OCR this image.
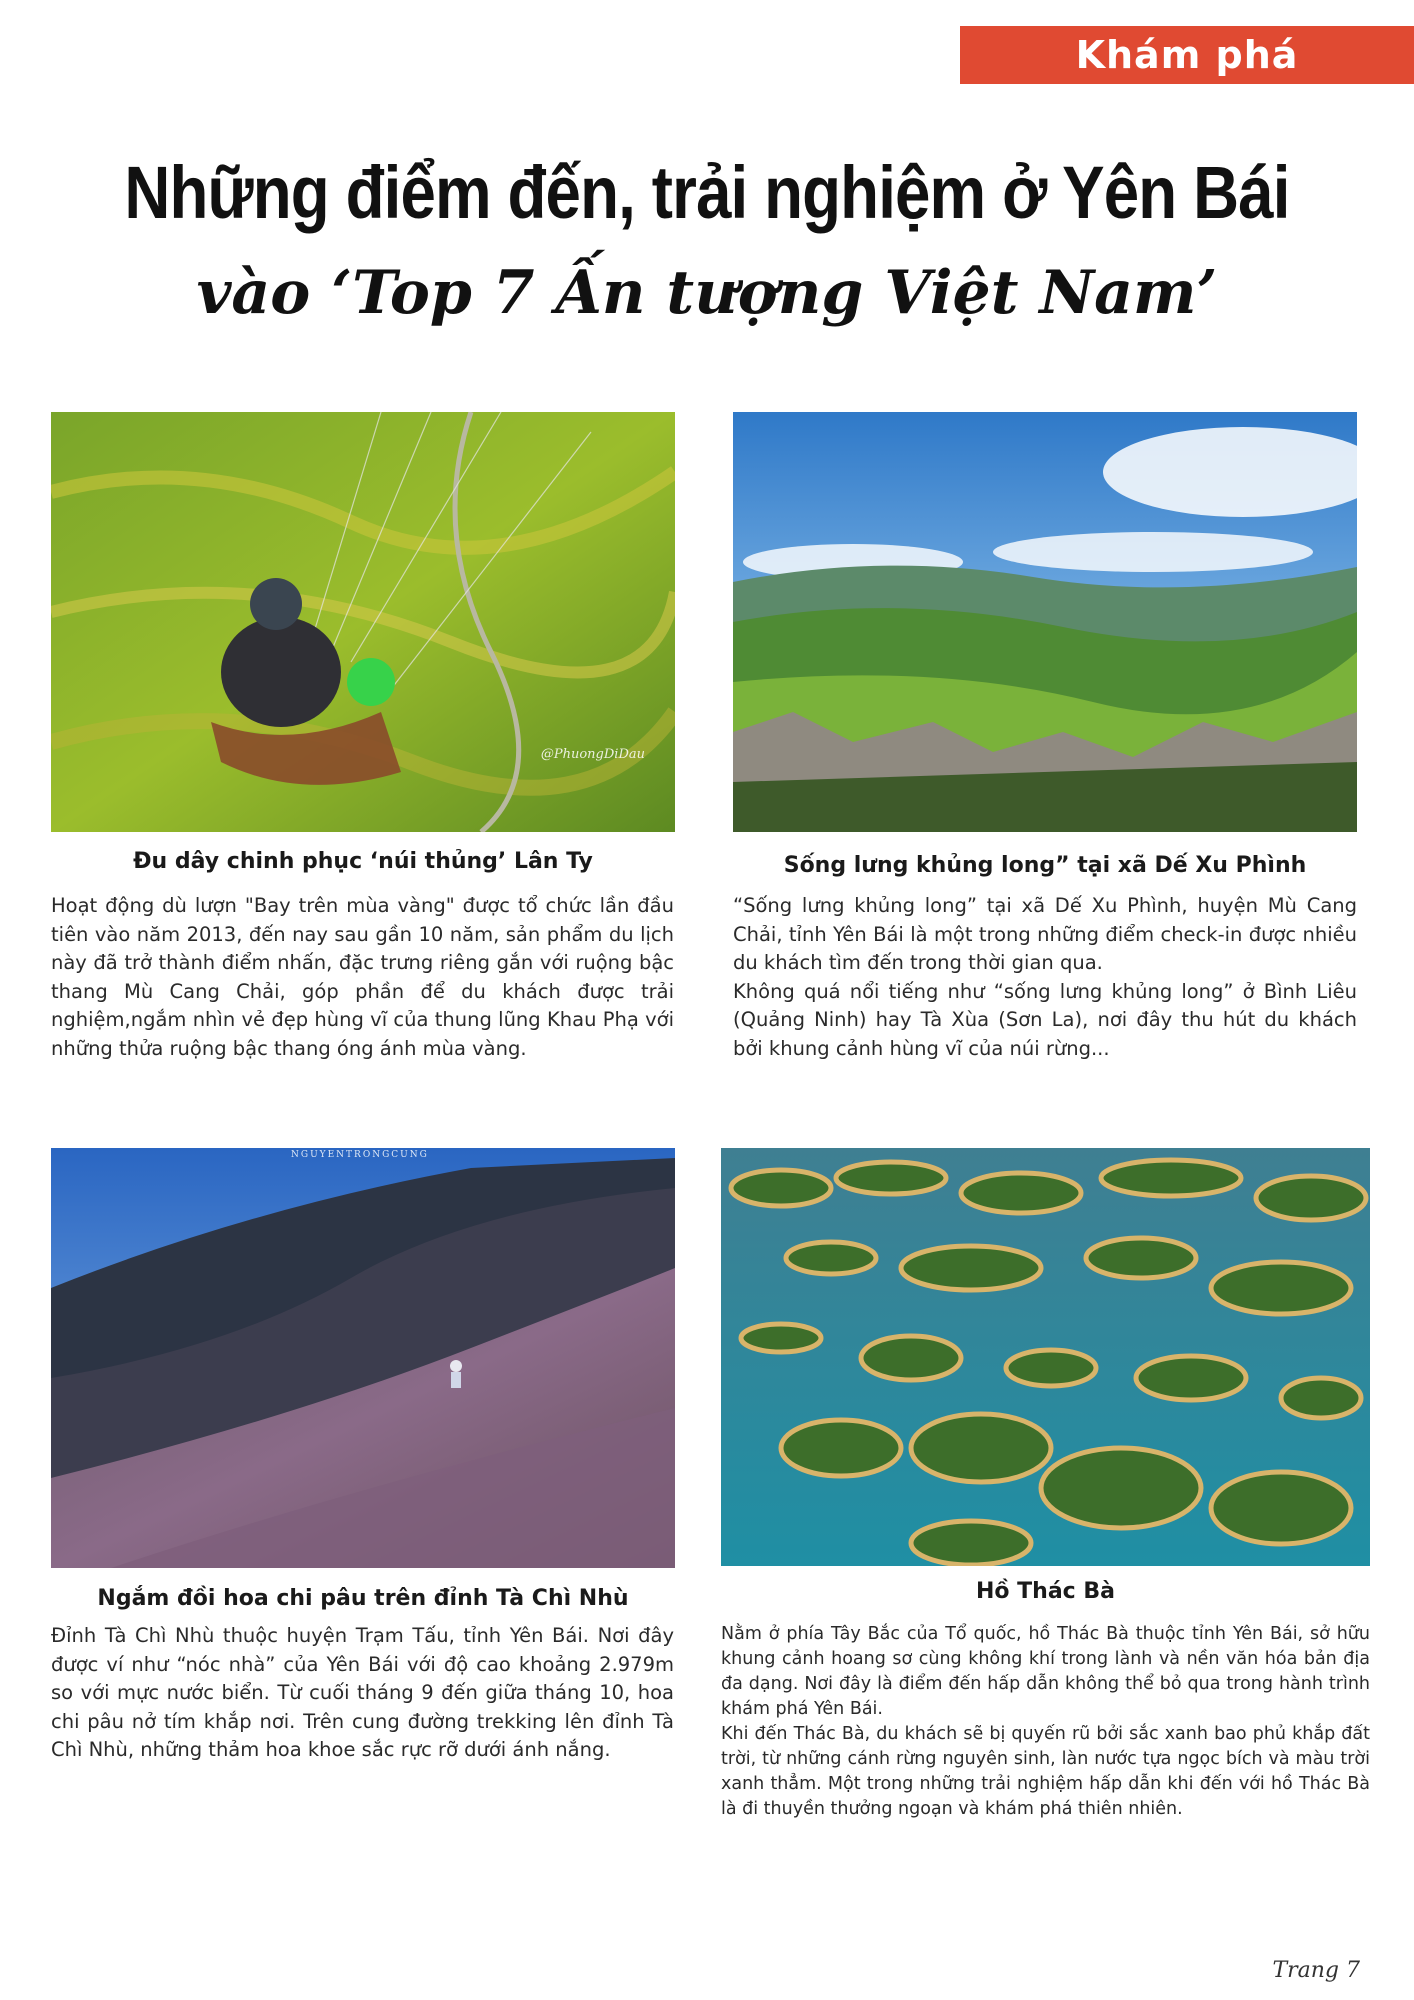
Khám phá
Những điểm đến, trải nghiệm ở Yên Bái
vào ‘Top 7 Ấn tượng Việt Nam’
@PhuongDiDau
Đu dây chinh phục ‘núi thủng’ Lân Ty	Sống lưng khủng long” tại xã Dế Xu Phình

Hoạt động dù lượn "Bay trên mùa vàng" được tổ chức lần đầu tiên vào năm 2013, đến nay sau gần 10 năm, sản phẩm du lịch này đã trở thành điểm nhấn, đặc trưng riêng gắn với ruộng bậc thang Mù Cang Chải, góp phần để du khách được trải nghiệm,ngắm nhìn vẻ đẹp hùng vĩ của thung lũng Khau Phạ với những thửa ruộng bậc thang óng ánh mùa vàng.

“Sống lưng khủng long” tại xã Dế Xu Phình, huyện Mù Cang Chải, tỉnh Yên Bái là một trong những điểm check-in được nhiều du khách tìm đến trong thời gian qua.

Không quá nổi tiếng như “sống lưng khủng long” ở Bình Liêu (Quảng Ninh) hay Tà Xùa (Sơn La), nơi đây thu hút du khách bởi khung cảnh hùng vĩ của núi rừng...

NGUYENTRONGCUNG
Ngắm đồi hoa chi pâu trên đỉnh Tà Chì Nhù	Hồ Thác Bà

Đỉnh Tà Chì Nhù thuộc huyện Trạm Tấu, tỉnh Yên Bái. Nơi đây được ví như “nóc nhà” của Yên Bái với độ cao khoảng 2.979m so với mực nước biển. Từ cuối tháng 9 đến giữa tháng 10, hoa chi pâu nở tím khắp nơi. Trên cung đường trekking lên đỉnh Tà Chì Nhù, những thảm hoa khoe sắc rực rỡ dưới ánh nắng.

Nằm ở phía Tây Bắc của Tổ quốc, hồ Thác Bà thuộc tỉnh Yên Bái, sở hữu khung cảnh hoang sơ cùng không khí trong lành và nền văn hóa bản địa đa dạng. Nơi đây là điểm đến hấp dẫn không thể bỏ qua trong hành trình khám phá Yên Bái.

Khi đến Thác Bà, du khách sẽ bị quyến rũ bởi sắc xanh bao phủ khắp đất trời, từ những cánh rừng nguyên sinh, làn nước tựa ngọc bích và màu trời xanh thẳm. Một trong những trải nghiệm hấp dẫn khi đến với hồ Thác Bà là đi thuyền thưởng ngoạn và khám phá thiên nhiên.

Trang 7
